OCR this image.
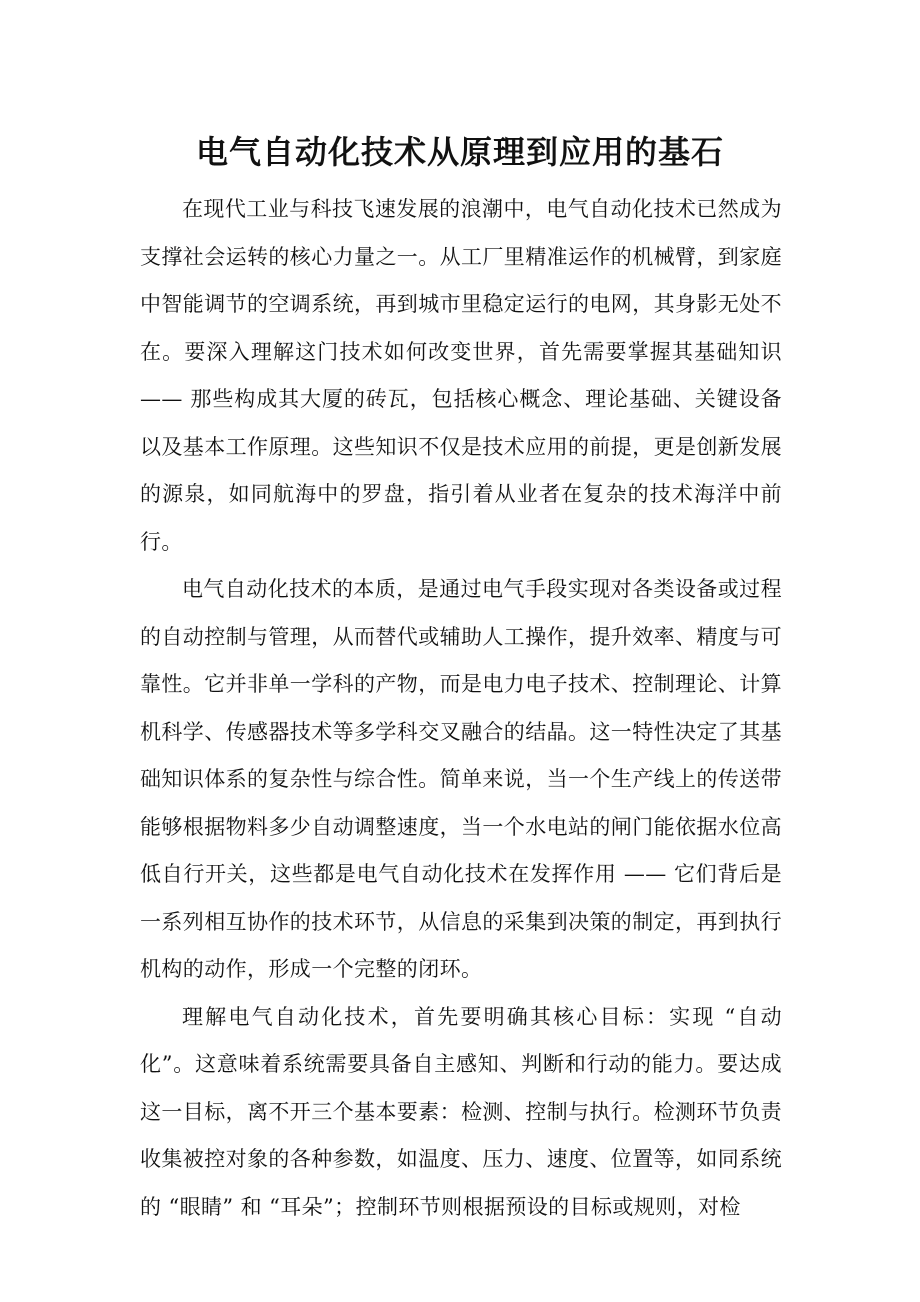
电气自动化技术从原理到应用的基石

在现代工业与科技飞速发展的浪潮中，电气自动化技术已然成为支撑社会运转的核心力量之一。从工厂里精准运作的机械臂，到家庭中智能调节的空调系统，再到城市里稳定运行的电网，其身影无处不在。要深入理解这门技术如何改变世界，首先需要掌握其基础知识 —— 那些构成其大厦的砖瓦，包括核心概念、理论基础、关键设备以及基本工作原理。这些知识不仅是技术应用的前提，更是创新发展的源泉，如同航海中的罗盘，指引着从业者在复杂的技术海洋中前行。

电气自动化技术的本质，是通过电气手段实现对各类设备或过程的自动控制与管理，从而替代或辅助人工操作，提升效率、精度与可靠性。它并非单一学科的产物，而是电力电子技术、控制理论、计算机科学、传感器技术等多学科交叉融合的结晶。这一特性决定了其基础知识体系的复杂性与综合性。简单来说，当一个生产线上的传送带能够根据物料多少自动调整速度，当一个水电站的闸门能依据水位高低自行开关，这些都是电气自动化技术在发挥作用 —— 它们背后是一系列相互协作的技术环节，从信息的采集到决策的制定，再到执行机构的动作，形成一个完整的闭环。

理解电气自动化技术，首先要明确其核心目标：实现 “自动化”。这意味着系统需要具备自主感知、判断和行动的能力。要达成这一目标，离不开三个基本要素：检测、控制与执行。检测环节负责收集被控对象的各种参数，如温度、压力、速度、位置等，如同系统的 “眼睛” 和 “耳朵”；控制环节则根据预设的目标或规则，对检
